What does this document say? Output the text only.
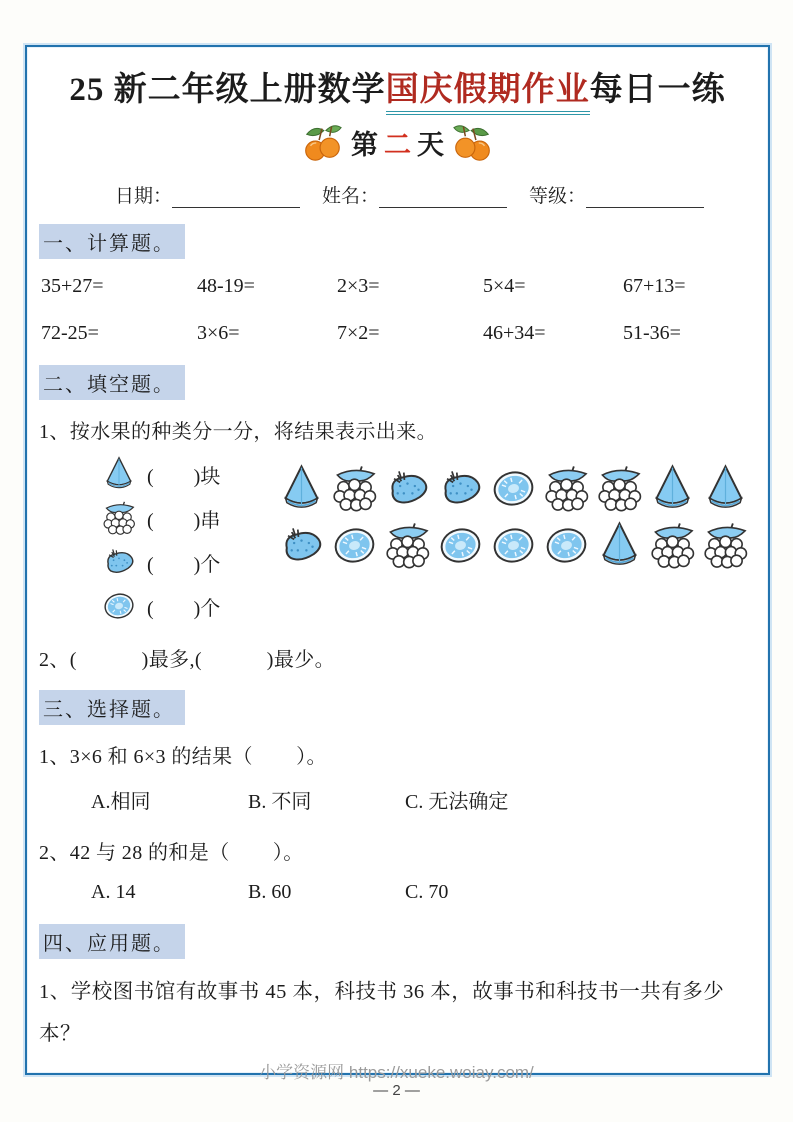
25 新二年级上册数学国庆假期作业每日一练
第 二 天
日期：	姓名：	等级：
一、计算题。
35+27=	48-19=	2×3=	5×4=	67+13=
72-25=	3×6=	7×2=	46+34=	51-36=
二、填空题。
1、按水果的种类分一分，将结果表示出来。
(        )块
(        )串
(        )个
(        )个
2、(            )最多,(            )最少。
三、选择题。
1、3×6 和 6×3 的结果（        ）。
A.相同	B. 不同	C. 无法确定
2、42 与 28 的和是（        ）。
A. 14	B. 60	C. 70
四、应用题。
1、学校图书馆有故事书 45 本，科技书 36 本，故事书和科技书一共有多少本？
小学资源网 https://xueke.woiay.com/
— 2 —
